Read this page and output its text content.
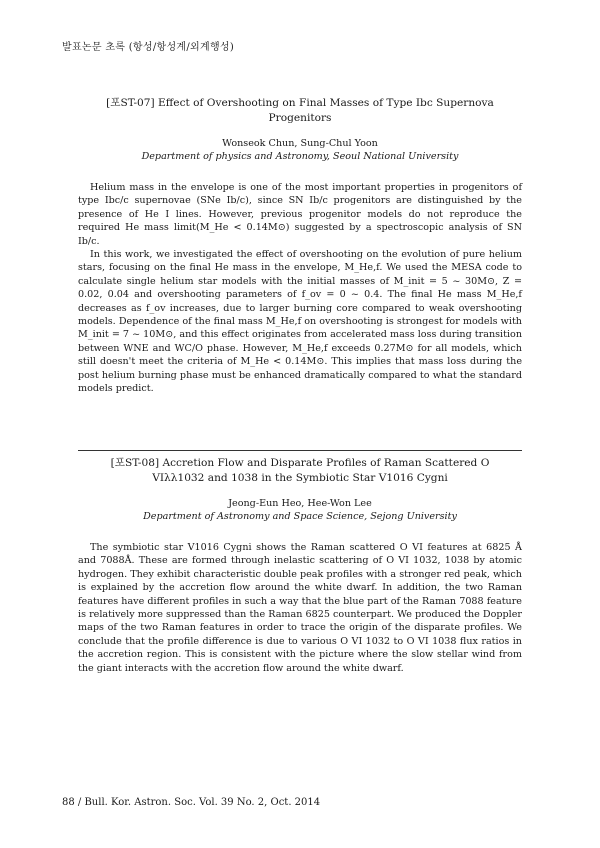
발표논문 초록 (항성/항성계/외계행성)

[포ST-07] Effect of Overshooting on Final Masses of Type Ibc Supernova
Progenitors

Wonseok Chun, Sung-Chul Yoon
Department of physics and Astronomy, Seoul National University

Helium mass in the envelope is one of the most important properties in progenitors of type Ibc/c supernovae (SNe Ib/c), since SN Ib/c progenitors are distinguished by the presence of He I lines. However, previous progenitor models do not reproduce the required He mass limit(M_He < 0.14M⊙) suggested by a spectroscopic analysis of SN Ib/c.

In this work, we investigated the effect of overshooting on the evolution of pure helium stars, focusing on the final He mass in the envelope, M_He,f. We used the MESA code to calculate single helium star models with the initial masses of M_init = 5 ~ 30M⊙, Z = 0.02, 0.04 and overshooting parameters of f_ov = 0 ~ 0.4. The final He mass M_He,f decreases as f_ov increases, due to larger burning core compared to weak overshooting models. Dependence of the final mass M_He,f on overshooting is strongest for models with M_init = 7 ~ 10M⊙, and this effect originates from accelerated mass loss during transition between WNE and WC/O phase. However, M_He,f exceeds 0.27M⊙ for all models, which still doesn't meet the criteria of M_He < 0.14M⊙. This implies that mass loss during the post helium burning phase must be enhanced dramatically compared to what the standard models predict.

[포ST-08] Accretion Flow and Disparate Profiles of Raman Scattered O
VIλλ1032 and 1038 in the Symbiotic Star V1016 Cygni

Jeong-Eun Heo, Hee-Won Lee
Department of Astronomy and Space Science, Sejong University

The symbiotic star V1016 Cygni shows the Raman scattered O VI features at 6825 Å and 7088Å. These are formed through inelastic scattering of O VI 1032, 1038 by atomic hydrogen. They exhibit characteristic double peak profiles with a stronger red peak, which is explained by the accretion flow around the white dwarf. In addition, the two Raman features have different profiles in such a way that the blue part of the Raman 7088 feature is relatively more suppressed than the Raman 6825 counterpart. We produced the Doppler maps of the two Raman features in order to trace the origin of the disparate profiles. We conclude that the profile difference is due to various O VI 1032 to O VI 1038 flux ratios in the accretion region. This is consistent with the picture where the slow stellar wind from the giant interacts with the accretion flow around the white dwarf.

88 / Bull. Kor. Astron. Soc. Vol. 39 No. 2, Oct. 2014
